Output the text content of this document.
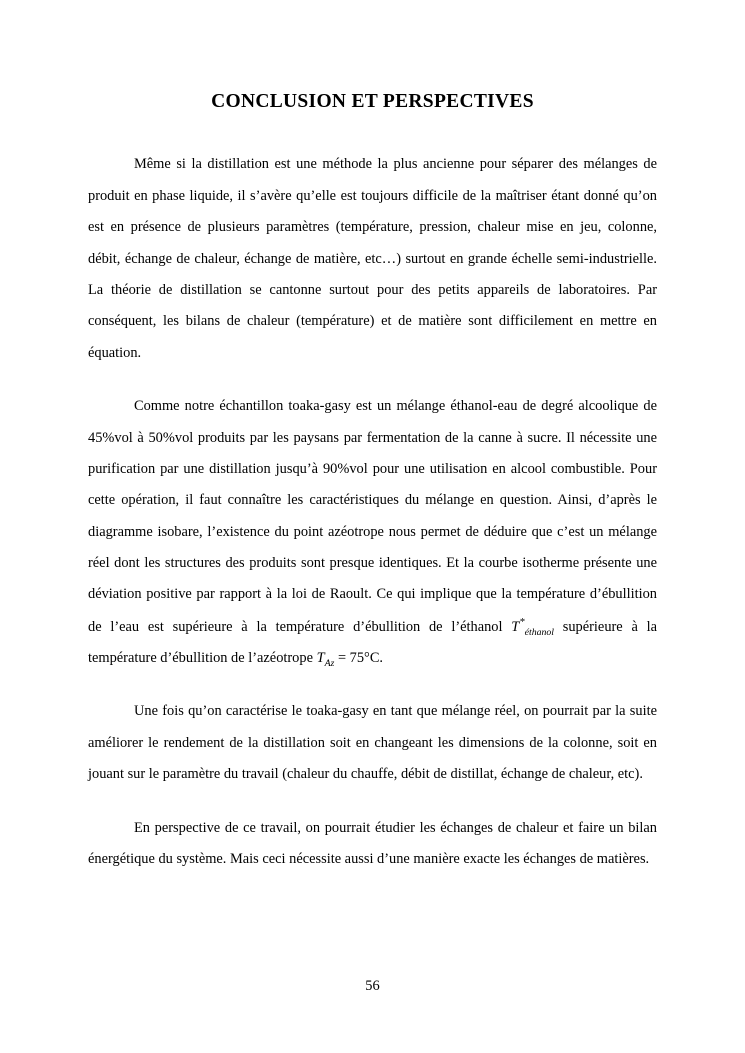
CONCLUSION ET PERSPECTIVES

Même si la distillation est une méthode la plus ancienne pour séparer des mélanges de produit en phase liquide, il s’avère qu’elle est toujours difficile de la maîtriser étant donné qu’on est en présence de plusieurs paramètres (température, pression, chaleur mise en jeu, colonne, débit, échange de chaleur, échange de matière, etc…) surtout en grande échelle semi-industrielle. La théorie de distillation se cantonne surtout pour des petits appareils de laboratoires. Par conséquent, les bilans de chaleur (température) et de matière sont difficilement en mettre en équation.

Comme notre échantillon toaka-gasy est un mélange éthanol-eau de degré alcoolique de 45%vol à 50%vol produits par les paysans par fermentation de la canne à sucre. Il nécessite une purification par une distillation jusqu’à 90%vol pour une utilisation en alcool combustible. Pour cette opération, il faut connaître les caractéristiques du mélange en question. Ainsi, d’après le diagramme isobare, l’existence du point azéotrope nous permet de déduire que c’est un mélange réel dont les structures des produits sont presque identiques. Et la courbe isotherme présente une déviation positive par rapport à la loi de Raoult. Ce qui implique que la température d’ébullition de l’eau est supérieure à la température d’ébullition de l’éthanol $T^*_{éthanol}$ supérieure à la température d’ébullition de l’azéotrope $T_{Az} = 75^\circ C$.

Une fois qu’on caractérise le toaka-gasy en tant que mélange réel, on pourrait par la suite améliorer le rendement de la distillation soit en changeant les dimensions de la colonne, soit en jouant sur le paramètre du travail (chaleur du chauffe, débit de distillat, échange de chaleur, etc).

En perspective de ce travail, on pourrait étudier les échanges de chaleur et faire un bilan énergétique du système. Mais ceci nécessite aussi d’une manière exacte les échanges de matières.

56
